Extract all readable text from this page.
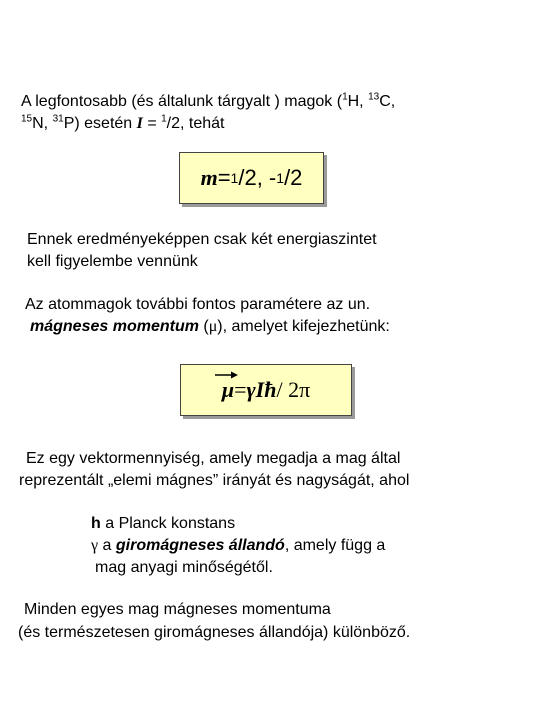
A legfontosabb (és általunk tárgyalt ) magok ($^1$H, $^{13}$C,
$^{15}$N, $^{31}$P) esetén I = $^1$/2, tehát
m = 1 /2 , - 1 /2
Ennek eredményeképpen csak két energiaszintet
kell figyelembe vennünk
Az atommagok további fontos paramétere az un.
mágneses momentum (μ), amelyet kifejezhetünk:
μ = γ I ħ / 2π
Ez egy vektormennyiség, amely megadja a mag által
reprezentált „elemi mágnes” irányát és nagyságát, ahol
h a Planck konstans
γ a giromágneses állandó, amely függ a
mag anyagi minőségétől.
Minden egyes mag mágneses momentuma
(és természetesen giromágneses állandója) különböző.
